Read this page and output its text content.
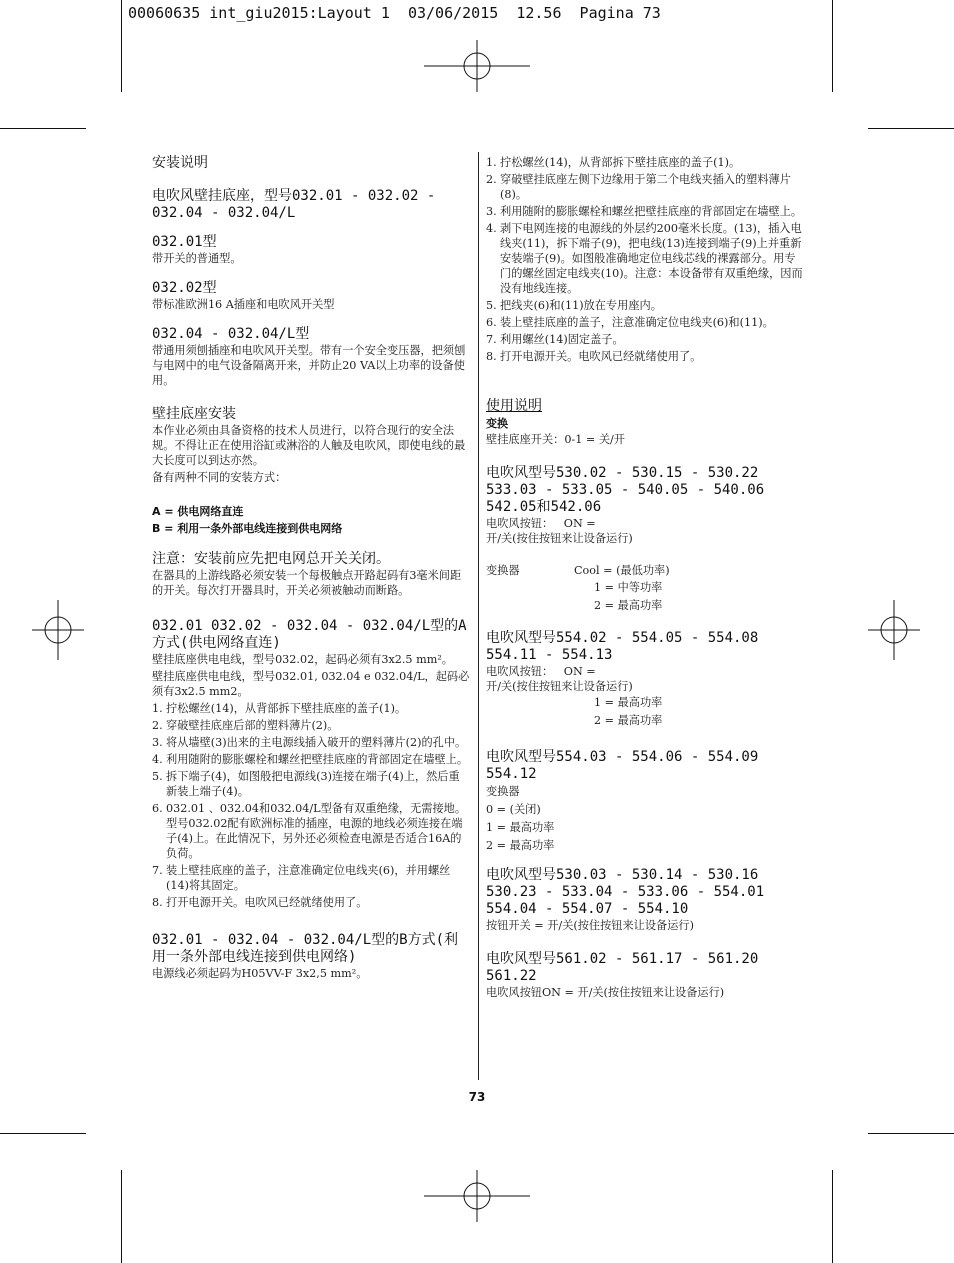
00060635 int_giu2015:Layout 1  03/06/2015  12.56  Pagina 73
安装说明
电吹风壁挂底座，型号032.01 - 032.02 - 032.04 - 032.04/L
032.01型

带开关的普通型。

032.02型

带标准欧洲16 A插座和电吹风开关型

032.04 - 032.04/L型

带通用须刨插座和电吹风开关型。带有一个安全变压器，把须刨与电网中的电气设备隔离开来，并防止20 VA以上功率的设备使用。

壁挂底座安装

本作业必须由具备资格的技术人员进行，以符合现行的安全法规。不得让正在使用浴缸或淋浴的人触及电吹风，即使电线的最大长度可以到达亦然。

备有两种不同的安装方式：

A = 供电网络直连

B = 利用一条外部电线连接到供电网络

注意：安装前应先把电网总开关关闭。

在器具的上游线路必须安装一个每极触点开路起码有3毫米间距的开关。每次打开器具时，开关必须被触动而断路。

032.01 032.02 - 032.04 - 032.04/L型的A方式(供电网络直连)

壁挂底座供电电线，型号032.02，起码必须有3x2.5 mm²。

壁挂底座供电电线，型号032.01, 032.04 e 032.04/L，起码必须有3x2.5 mm2。

1. 拧松螺丝(14)，从背部拆下壁挂底座的盖子(1)。
2. 穿破壁挂底座后部的塑料薄片(2)。
3. 将从墙壁(3)出来的主电源线插入破开的塑料薄片(2)的孔中。
4. 利用随附的膨胀螺栓和螺丝把壁挂底座的背部固定在墙壁上。
5. 拆下端子(4)，如图般把电源线(3)连接在端子(4)上，然后重新装上端子(4)。
6. 032.01 、032.04和032.04/L型备有双重绝缘，无需接地。型号032.02配有欧洲标准的插座，电源的地线必须连接在端子(4)上。在此情况下，另外还必须检查电源是否适合16A的负荷。
7. 装上壁挂底座的盖子，注意准确定位电线夹(6)，并用螺丝(14)将其固定。
8. 打开电源开关。电吹风已经就绪使用了。
032.01 - 032.04 - 032.04/L型的B方式(利用一条外部电线连接到供电网络)

电源线必须起码为H05VV-F 3x2,5 mm²。

1. 拧松螺丝(14)，从背部拆下壁挂底座的盖子(1)。
2. 穿破壁挂底座左侧下边缘用于第二个电线夹插入的塑料薄片(8)。
3. 利用随附的膨胀螺栓和螺丝把壁挂底座的背部固定在墙壁上。
4. 剥下电网连接的电源线的外层约200毫米长度。(13)，插入电线夹(11)，拆下端子(9)，把电线(13)连接到端子(9)上并重新安装端子(9)。如图般准确地定位电线芯线的裸露部分。用专门的螺丝固定电线夹(10)。注意：本设备带有双重绝缘，因而没有地线连接。
5. 把线夹(6)和(11)放在专用座内。
6. 装上壁挂底座的盖子，注意准确定位电线夹(6)和(11)。
7. 利用螺丝(14)固定盖子。
8. 打开电源开关。电吹风已经就绪使用了。
使用说明

变换

壁挂底座开关：0-1 = 关/开

电吹风型号530.02 - 530.15 - 530.22 533.03 - 533.05 - 540.05 - 540.06 542.05和542.06

电吹风按钮：   ON =

开/关(按住按钮来让设备运行)

变换器	Cool = (最低功率)
1 = 中等功率
2 = 最高功率
电吹风型号554.02 - 554.05 - 554.08 554.11 - 554.13

电吹风按钮：   ON =

开/关(按住按钮来让设备运行)

1 = 最高功率
2 = 最高功率
电吹风型号554.03 - 554.06 - 554.09 554.12

变换器

0 = (关闭)

1 = 最高功率

2 = 最高功率

电吹风型号530.03 - 530.14 - 530.16 530.23 - 533.04 - 533.06 - 554.01 554.04 - 554.07 - 554.10

按钮开关 = 开/关(按住按钮来让设备运行)

电吹风型号561.02 - 561.17 - 561.20 561.22

电吹风按钮ON = 开/关(按住按钮来让设备运行)

73
